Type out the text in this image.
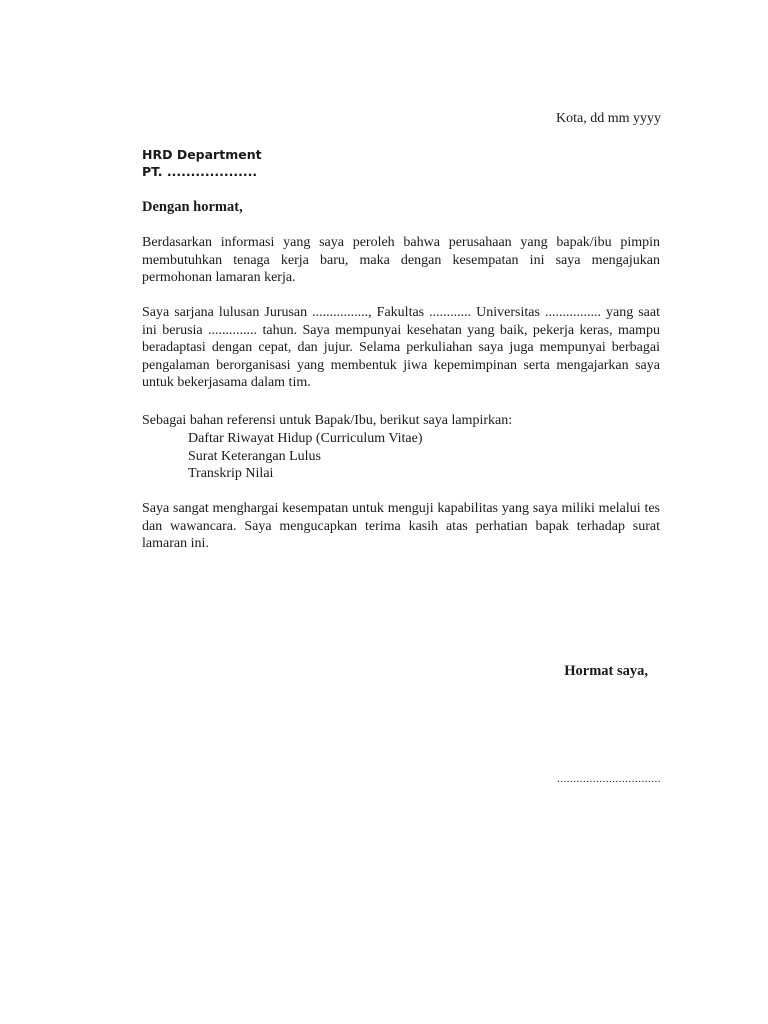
Kota, dd mm yyyy
HRD Department
PT. ...................
Dengan hormat,

Berdasarkan informasi yang saya peroleh bahwa perusahaan yang bapak/ibu pimpin membutuhkan tenaga kerja baru, maka dengan kesempatan ini saya mengajukan permohonan lamaran kerja.

Saya sarjana lulusan Jurusan ................, Fakultas ............ Universitas ................ yang saat ini berusia .............. tahun. Saya mempunyai kesehatan yang baik, pekerja keras, mampu beradaptasi dengan cepat, dan jujur. Selama perkuliahan saya juga mempunyai berbagai pengalaman berorganisasi yang membentuk jiwa kepemimpinan serta mengajarkan saya untuk bekerjasama dalam tim.

Sebagai bahan referensi untuk Bapak/Ibu, berikut saya lampirkan:

Daftar Riwayat Hidup (Curriculum Vitae)
Surat Keterangan Lulus
Transkrip Nilai

Saya sangat menghargai kesempatan untuk menguji kapabilitas yang saya miliki melalui tes dan wawancara. Saya mengucapkan terima kasih atas perhatian bapak terhadap surat lamaran ini.

Hormat saya,
................................
